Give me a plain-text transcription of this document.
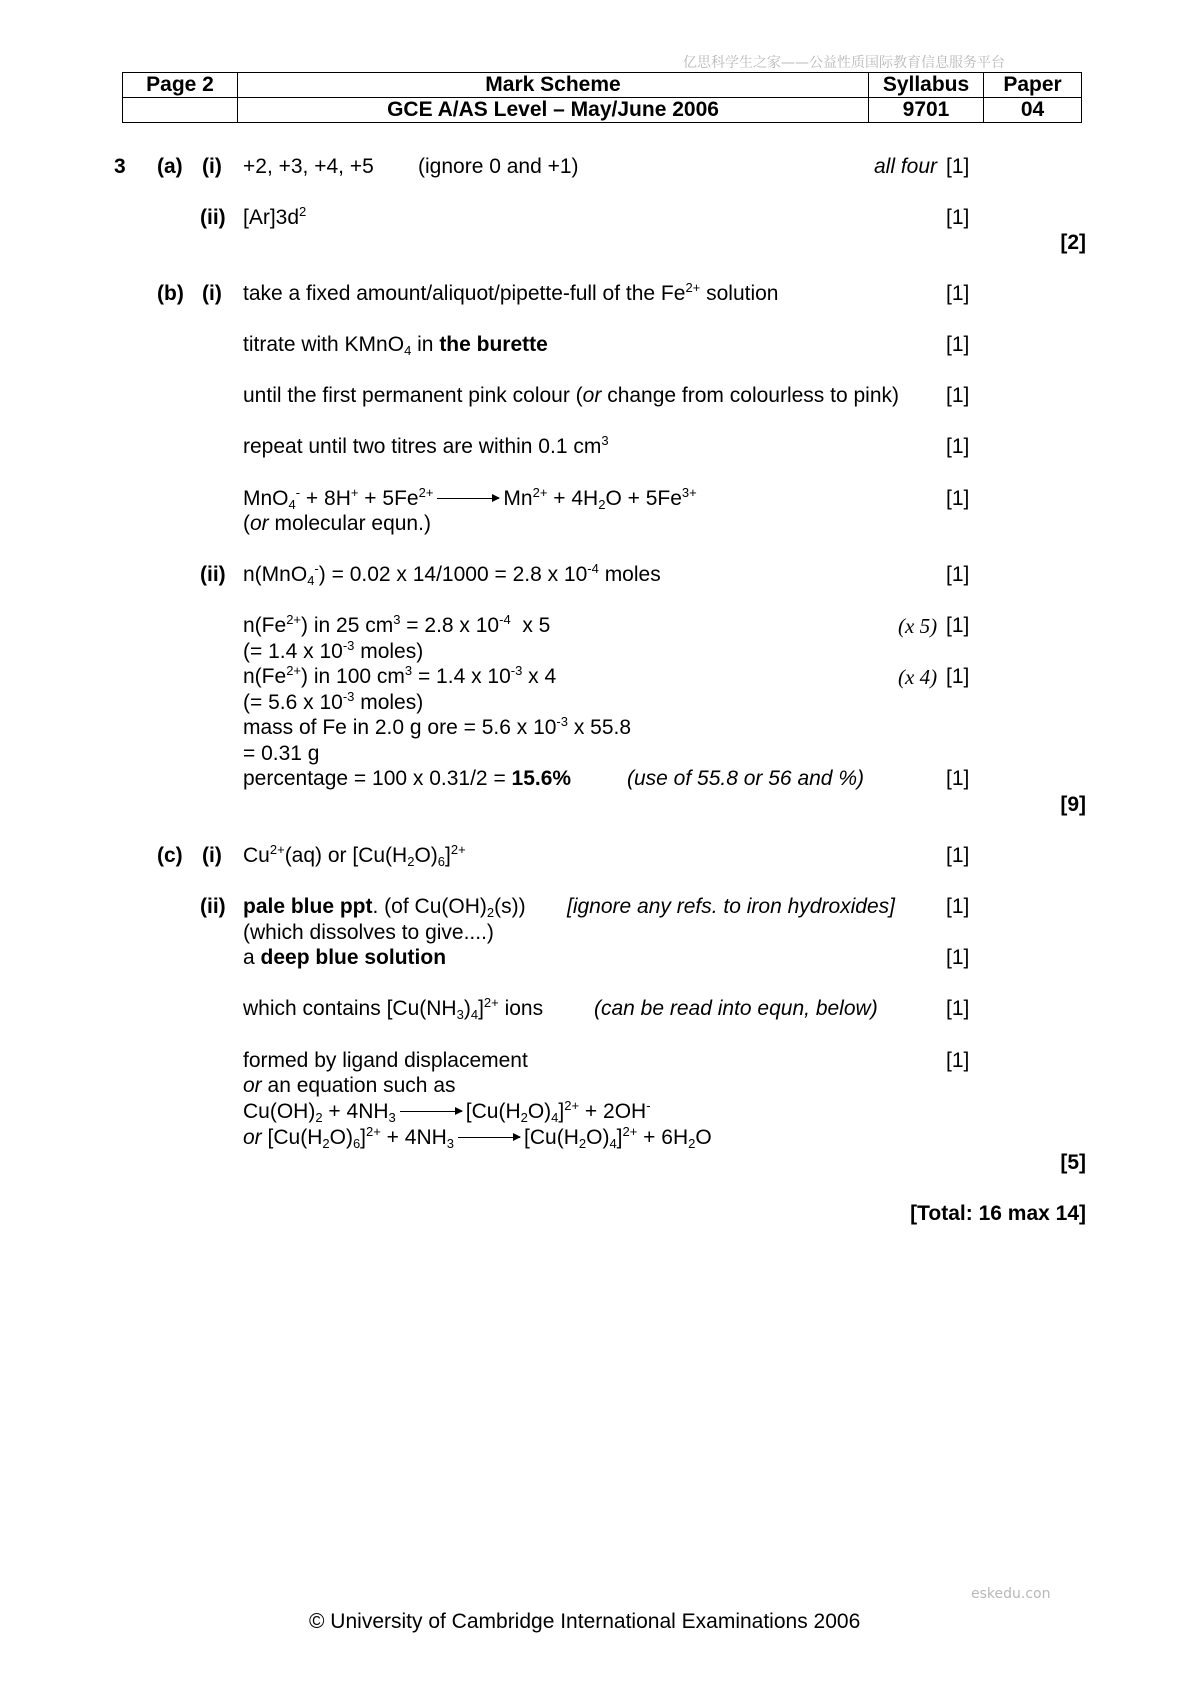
亿思科学生之家——公益性质国际教育信息服务平台
Page 2	Mark Scheme	Syllabus	Paper
	GCE A/AS Level – May/June 2006	9701	04
3 (a) (i) +2, +3, +4, +5 (ignore 0 and +1)	all four [1]
(ii) $[Ar]3d^2$	[1]
[2]
(b) (i) take a fixed amount/aliquot/pipette-full of the $Fe^{2+}$ solution	[1]
titrate with KMnO$_4$ in the burette	[1]
until the first permanent pink colour (or change from colourless to pink) [1]
repeat until two titres are within 0.1 $cm^3$	[1]
$MnO_4^- + 8H^+ + 5Fe^{2+} \to Mn^{2+} + 4H_2O + 5Fe^{3+}$	[1]
(or molecular equn.)
(ii) n(MnO$_4$-) = 0.02 x 14/1000 = 2.8 x $10^{-4}$ moles	[1]
$n(Fe^{2+})$ in 25 $cm^3 = 2.8$ x $10^{-4}$  x 5	(x 5) [1]
(= 1.4 x $10^{-3}$ moles)
$n(Fe^{2+})$ in 100 $cm^3 = 1.4$ x $10^{-3}$ x 4	(x 4) [1]
(= 5.6 x $10^{-3}$ moles)
mass of Fe in 2.0 g ore = 5.6 x $10^{-3}$ x 55.8
= 0.31 g
percentage = 100 x 0.31/2 = 15.6%	(use of 55.8 or 56 and %)	[1]
[9]
(c) (i) $Cu^{2+}(aq)$ or $[Cu(H_2O)_6]^{2+}$	[1]
(ii) pale blue ppt. (of $Cu(OH)_2(s)$) [ignore any refs. to iron hydroxides] [1]
(which dissolves to give....)
a deep blue solution	[1]
which contains $[Cu(NH_3)_4]^{2+}$ ions (can be read into equn, below)	[1]
formed by ligand displacement	[1]
or an equation such as
$Cu(OH)_2 + 4NH_3 \to [Cu(H_2O)_4]^{2+} + 2OH^-$
or $[Cu(H_2O)_6]^{2+} + 4NH_3 \to [Cu(H_2O)_4]^{2+} + 6H_2O$
[5]
[Total: 16 max 14]
eskedu.con
© University of Cambridge International Examinations 2006
